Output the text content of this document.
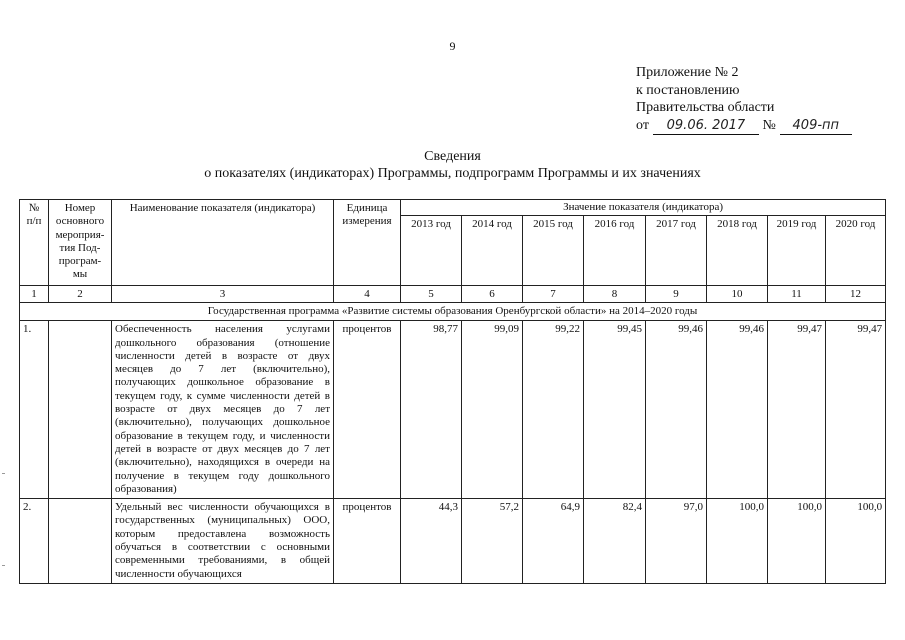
9
Приложение № 2
к постановлению
Правительства области
от 09.06. 2017 № 409-пп
Сведения
о показателях (индикаторах) Программы, подпрограмм Программы и их значениях
№ п/п	Номер основного мероприя-тия Под-програм-мы	Наименование показателя (индикатора)	Единица измерения	Значение показателя (индикатора)							
				2013 год	2014 год	2015 год	2016 год	2017 год	2018 год	2019 год	2020 год
1	2	3	4	5	6	7	8	9	10	11	12
Государственная программа «Развитие системы образования Оренбургской области» на 2014–2020 годы											
1.		Обеспеченность населения услугами дошкольного образования (отношение численности детей в возрасте от двух месяцев до 7 лет (включительно), получающих дошкольное образование в текущем году, к сумме численности детей в возрасте от двух месяцев до 7 лет (включительно), получающих дошкольное образование в текущем году, и численности детей в возрасте от двух месяцев до 7 лет (включительно), находящихся в очереди на получение в текущем году дошкольного образования)	процентов	98,77	99,09	99,22	99,45	99,46	99,46	99,47	99,47
2.		Удельный вес численности обучающихся в государственных (муниципальных) ООО, которым предоставлена возможность обучаться в соответствии с основными современными требованиями, в общей численности обучающихся	процентов	44,3	57,2	64,9	82,4	97,0	100,0	100,0	100,0
